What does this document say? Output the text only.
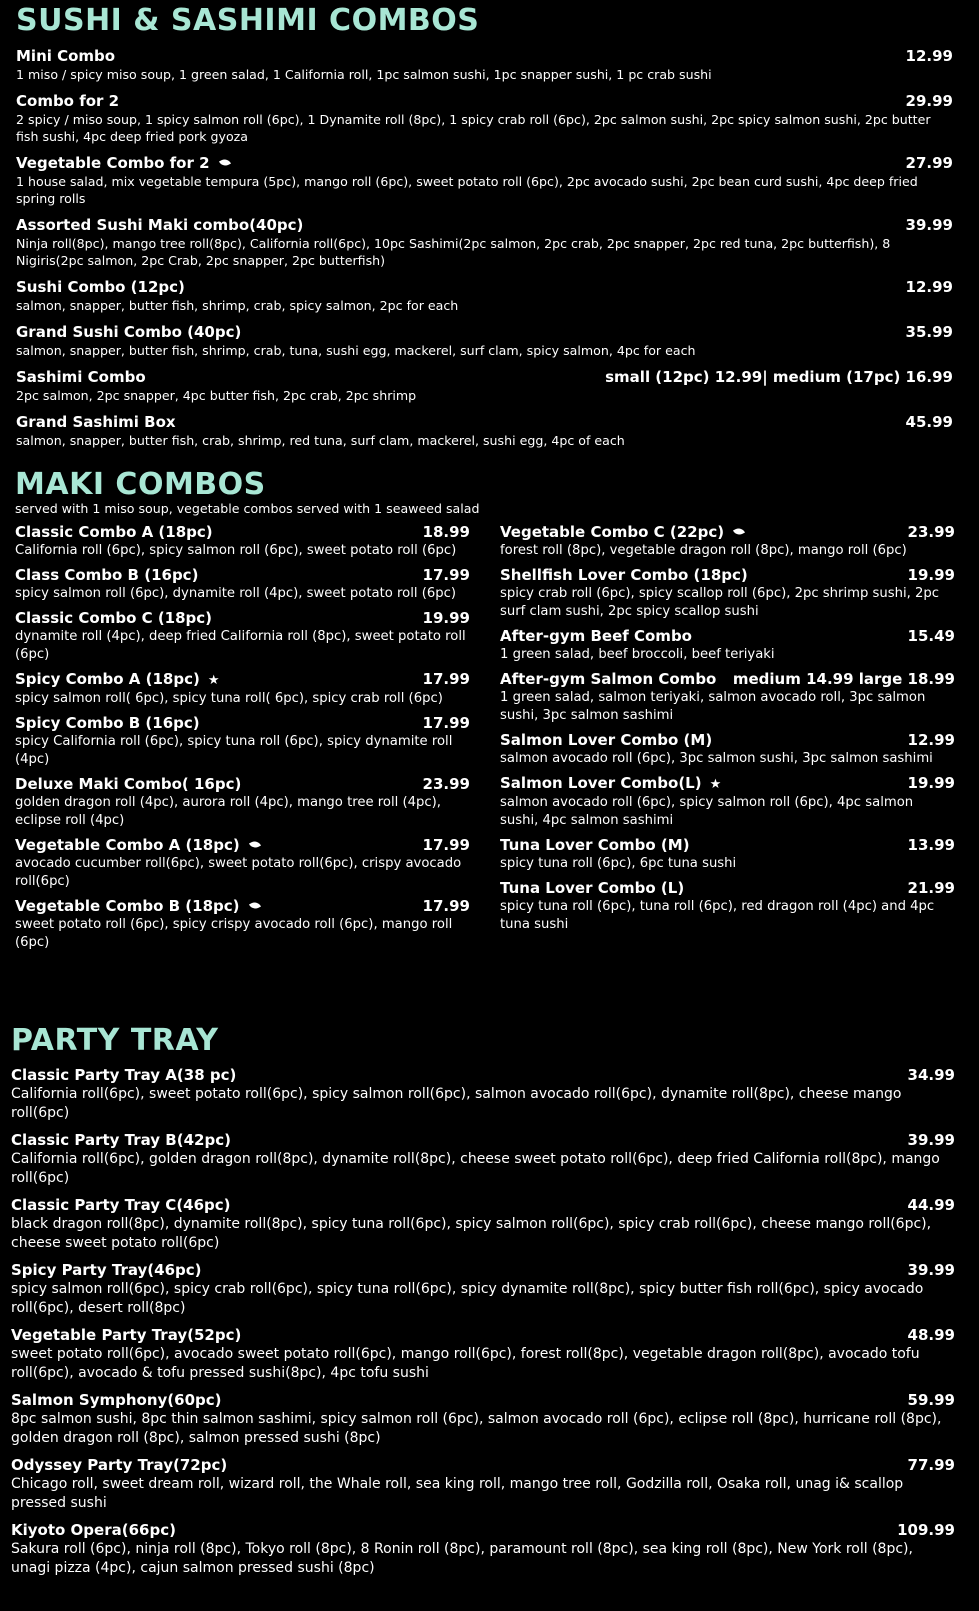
SUSHI & SASHIMI COMBOS
Mini Combo	12.99
1 miso / spicy miso soup, 1 green salad, 1 California roll, 1pc salmon sushi, 1pc snapper sushi, 1 pc crab sushi
Combo for 2	29.99
2 spicy / miso soup, 1 spicy salmon roll (6pc), 1 Dynamite roll (8pc), 1 spicy crab roll (6pc), 2pc salmon sushi, 2pc spicy salmon sushi, 2pc butter fish sushi, 4pc deep fried pork gyoza
Vegetable Combo for 2	27.99
1 house salad, mix vegetable tempura (5pc), mango roll (6pc), sweet potato roll (6pc), 2pc avocado sushi, 2pc bean curd sushi, 4pc deep fried spring rolls
Assorted Sushi Maki combo(40pc)	39.99
Ninja roll(8pc), mango tree roll(8pc), California roll(6pc), 10pc Sashimi(2pc salmon, 2pc crab, 2pc snapper, 2pc red tuna, 2pc butterfish), 8 Nigiris(2pc salmon, 2pc Crab, 2pc snapper, 2pc butterfish)
Sushi Combo (12pc)	12.99
salmon, snapper, butter fish, shrimp, crab, spicy salmon, 2pc for each
Grand Sushi Combo (40pc)	35.99
salmon, snapper, butter fish, shrimp, crab, tuna, sushi egg, mackerel, surf clam, spicy salmon, 4pc for each
Sashimi Combo	small (12pc) 12.99| medium (17pc) 16.99
2pc salmon, 2pc snapper, 4pc butter fish, 2pc crab, 2pc shrimp
Grand Sashimi Box	45.99
salmon, snapper, butter fish, crab, shrimp, red tuna, surf clam, mackerel, sushi egg, 4pc of each
MAKI COMBOS
served with 1 miso soup, vegetable combos served with 1 seaweed salad
Classic Combo A (18pc)	18.99
California roll (6pc), spicy salmon roll (6pc), sweet potato roll (6pc)
Class Combo B (16pc)	17.99
spicy salmon roll (6pc), dynamite roll (4pc), sweet potato roll (6pc)
Classic Combo C (18pc)	19.99
dynamite roll (4pc), deep fried California roll (8pc), sweet potato roll (6pc)
Spicy Combo A (18pc) ★	17.99
spicy salmon roll( 6pc), spicy tuna roll( 6pc), spicy crab roll (6pc)
Spicy Combo B (16pc)	17.99
spicy California roll (6pc), spicy tuna roll (6pc), spicy dynamite roll (4pc)
Deluxe Maki Combo( 16pc)	23.99
golden dragon roll (4pc), aurora roll (4pc), mango tree roll (4pc), eclipse roll (4pc)
Vegetable Combo A (18pc)	17.99
avocado cucumber roll(6pc), sweet potato roll(6pc), crispy avocado roll(6pc)
Vegetable Combo B (18pc)	17.99
sweet potato roll (6pc), spicy crispy avocado roll (6pc), mango roll (6pc)
Vegetable Combo C (22pc)	23.99
forest roll (8pc), vegetable dragon roll (8pc), mango roll (6pc)
Shellfish Lover Combo (18pc)	19.99
spicy crab roll (6pc), spicy scallop roll (6pc), 2pc shrimp sushi, 2pc surf clam sushi, 2pc spicy scallop sushi
After-gym Beef Combo	15.49
1 green salad, beef broccoli, beef teriyaki
After-gym Salmon Combo	medium 14.99 large 18.99
1 green salad, salmon teriyaki, salmon avocado roll, 3pc salmon sushi, 3pc salmon sashimi
Salmon Lover Combo (M)	12.99
salmon avocado roll (6pc), 3pc salmon sushi, 3pc salmon sashimi
Salmon Lover Combo(L) ★	19.99
salmon avocado roll (6pc), spicy salmon roll (6pc), 4pc salmon sushi, 4pc salmon sashimi
Tuna Lover Combo (M)	13.99
spicy tuna roll (6pc), 6pc tuna sushi
Tuna Lover Combo (L)	21.99
spicy tuna roll (6pc), tuna roll (6pc), red dragon roll (4pc) and 4pc tuna sushi
PARTY TRAY
Classic Party Tray A(38 pc)	34.99
California roll(6pc), sweet potato roll(6pc), spicy salmon roll(6pc), salmon avocado roll(6pc), dynamite roll(8pc), cheese mango roll(6pc)
Classic Party Tray B(42pc)	39.99
California roll(6pc), golden dragon roll(8pc), dynamite roll(8pc), cheese sweet potato roll(6pc), deep fried California roll(8pc), mango roll(6pc)
Classic Party Tray C(46pc)	44.99
black dragon roll(8pc), dynamite roll(8pc), spicy tuna roll(6pc), spicy salmon roll(6pc), spicy crab roll(6pc), cheese mango roll(6pc), cheese sweet potato roll(6pc)
Spicy Party Tray(46pc)	39.99
spicy salmon roll(6pc), spicy crab roll(6pc), spicy tuna roll(6pc), spicy dynamite roll(8pc), spicy butter fish roll(6pc), spicy avocado roll(6pc), desert roll(8pc)
Vegetable Party Tray(52pc)	48.99
sweet potato roll(6pc), avocado sweet potato roll(6pc), mango roll(6pc), forest roll(8pc), vegetable dragon roll(8pc), avocado tofu roll(6pc), avocado & tofu pressed sushi(8pc), 4pc tofu sushi
Salmon Symphony(60pc)	59.99
8pc salmon sushi, 8pc thin salmon sashimi, spicy salmon roll (6pc), salmon avocado roll (6pc), eclipse roll (8pc), hurricane roll (8pc), golden dragon roll (8pc), salmon pressed sushi (8pc)
Odyssey Party Tray(72pc)	77.99
Chicago roll, sweet dream roll, wizard roll, the Whale roll, sea king roll, mango tree roll, Godzilla roll, Osaka roll, unag i& scallop pressed sushi
Kiyoto Opera(66pc)	109.99
Sakura roll (6pc), ninja roll (8pc), Tokyo roll (8pc), 8 Ronin roll (8pc), paramount roll (8pc), sea king roll (8pc), New York roll (8pc), unagi pizza (4pc), cajun salmon pressed sushi (8pc)
